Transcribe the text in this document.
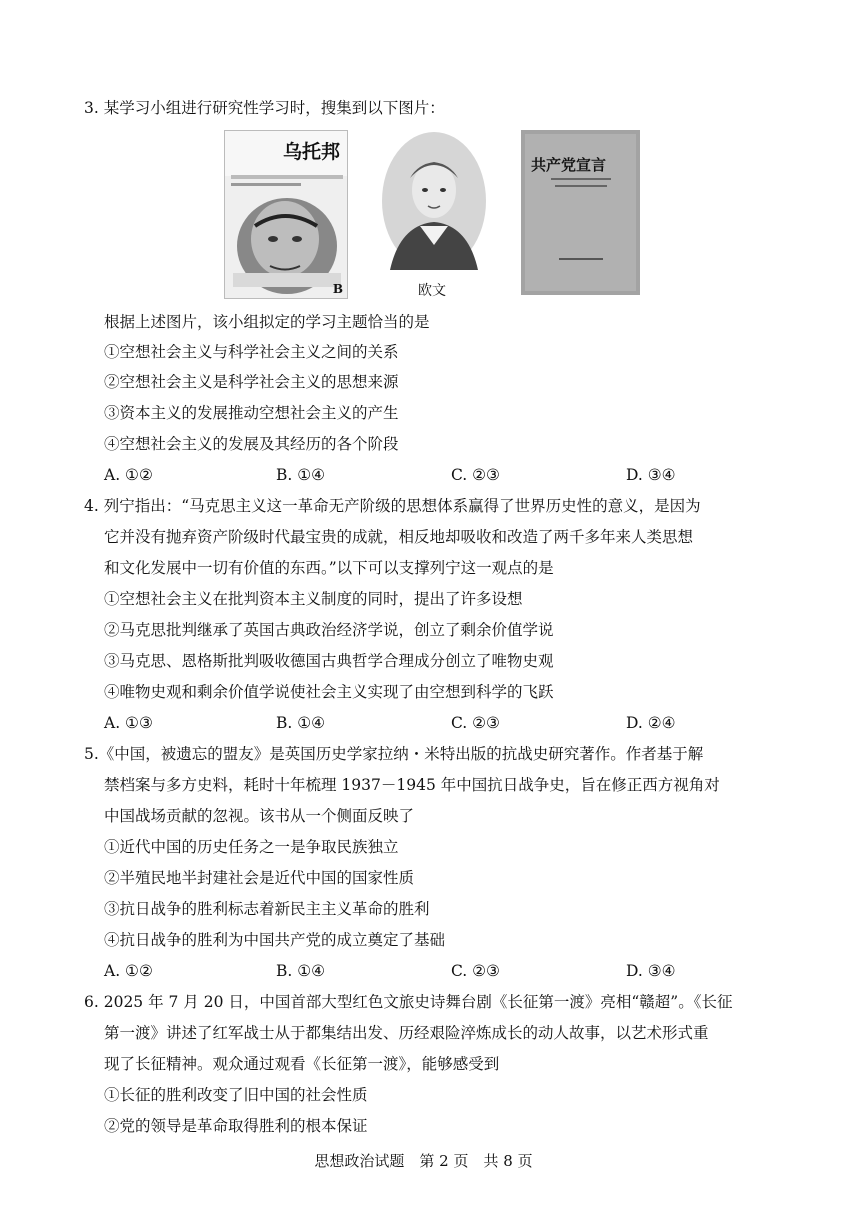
3. 某学习小组进行研究性学习时，搜集到以下图片：
乌托邦
B	欧文
共产党宣言
根据上述图片，该小组拟定的学习主题恰当的是
①空想社会主义与科学社会主义之间的关系
②空想社会主义是科学社会主义的思想来源
③资本主义的发展推动空想社会主义的产生
④空想社会主义的发展及其经历的各个阶段
A. ①②	B. ①④	C. ②③	D. ③④
4. 列宁指出：“马克思主义这一革命无产阶级的思想体系赢得了世界历史性的意义，是因为
它并没有抛弃资产阶级时代最宝贵的成就，相反地却吸收和改造了两千多年来人类思想
和文化发展中一切有价值的东西。”以下可以支撑列宁这一观点的是
①空想社会主义在批判资本主义制度的同时，提出了许多设想
②马克思批判继承了英国古典政治经济学说，创立了剩余价值学说
③马克思、恩格斯批判吸收德国古典哲学合理成分创立了唯物史观
④唯物史观和剩余价值学说使社会主义实现了由空想到科学的飞跃
A. ①③	B. ①④	C. ②③	D. ②④
5.《中国，被遗忘的盟友》是英国历史学家拉纳・米特出版的抗战史研究著作。作者基于解
禁档案与多方史料，耗时十年梳理 1937－1945 年中国抗日战争史，旨在修正西方视角对
中国战场贡献的忽视。该书从一个侧面反映了
①近代中国的历史任务之一是争取民族独立
②半殖民地半封建社会是近代中国的国家性质
③抗日战争的胜利标志着新民主主义革命的胜利
④抗日战争的胜利为中国共产党的成立奠定了基础
A. ①②	B. ①④	C. ②③	D. ③④
6. 2025 年 7 月 20 日，中国首部大型红色文旅史诗舞台剧《长征第一渡》亮相“赣超”。《长征
第一渡》讲述了红军战士从于都集结出发、历经艰险淬炼成长的动人故事，以艺术形式重
现了长征精神。观众通过观看《长征第一渡》，能够感受到
①长征的胜利改变了旧中国的社会性质
②党的领导是革命取得胜利的根本保证
思想政治试题　第 2 页　共 8 页
